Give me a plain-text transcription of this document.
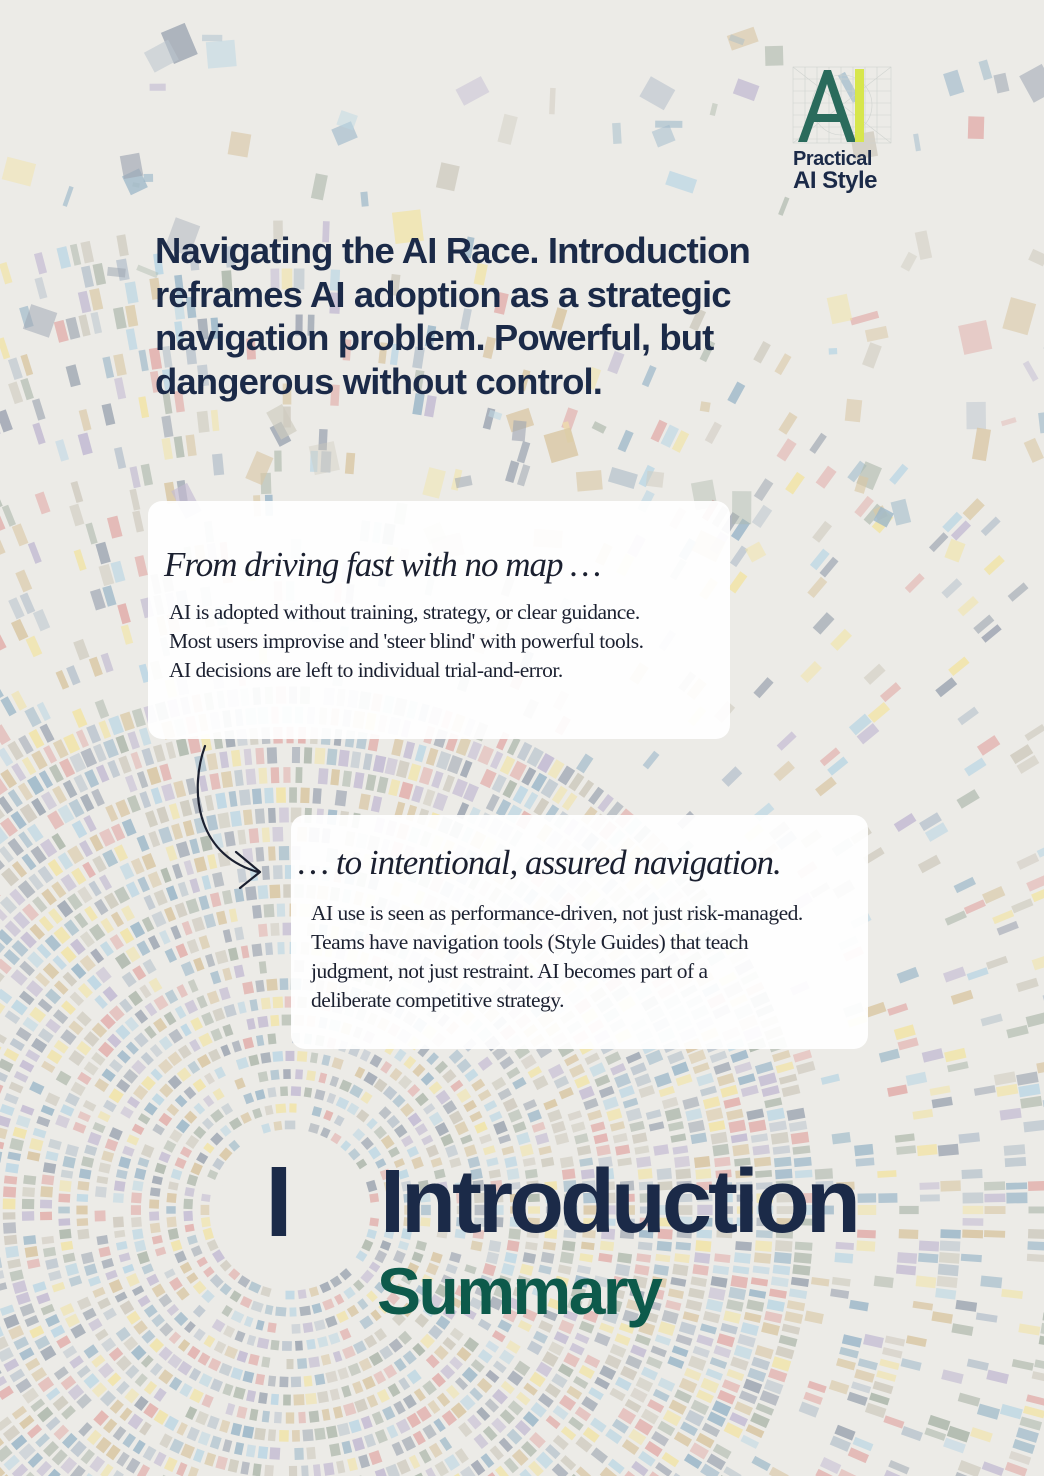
Practical
AI Style
Navigating the AI Race. Introduction reframes AI adoption as a strategic navigation problem. Powerful, but dangerous without control.
From driving fast with no map …

AI is adopted without training, strategy, or clear guidance.

Most users improvise and 'steer blind' with powerful tools.

AI decisions are left to individual trial-and-error.

… to intentional, assured navigation.

AI use is seen as performance-driven, not just risk-managed.

Teams have navigation tools (Style Guides) that teach

judgment, not just restraint. AI becomes part of a

deliberate competitive strategy.

I Introduction
Summary
